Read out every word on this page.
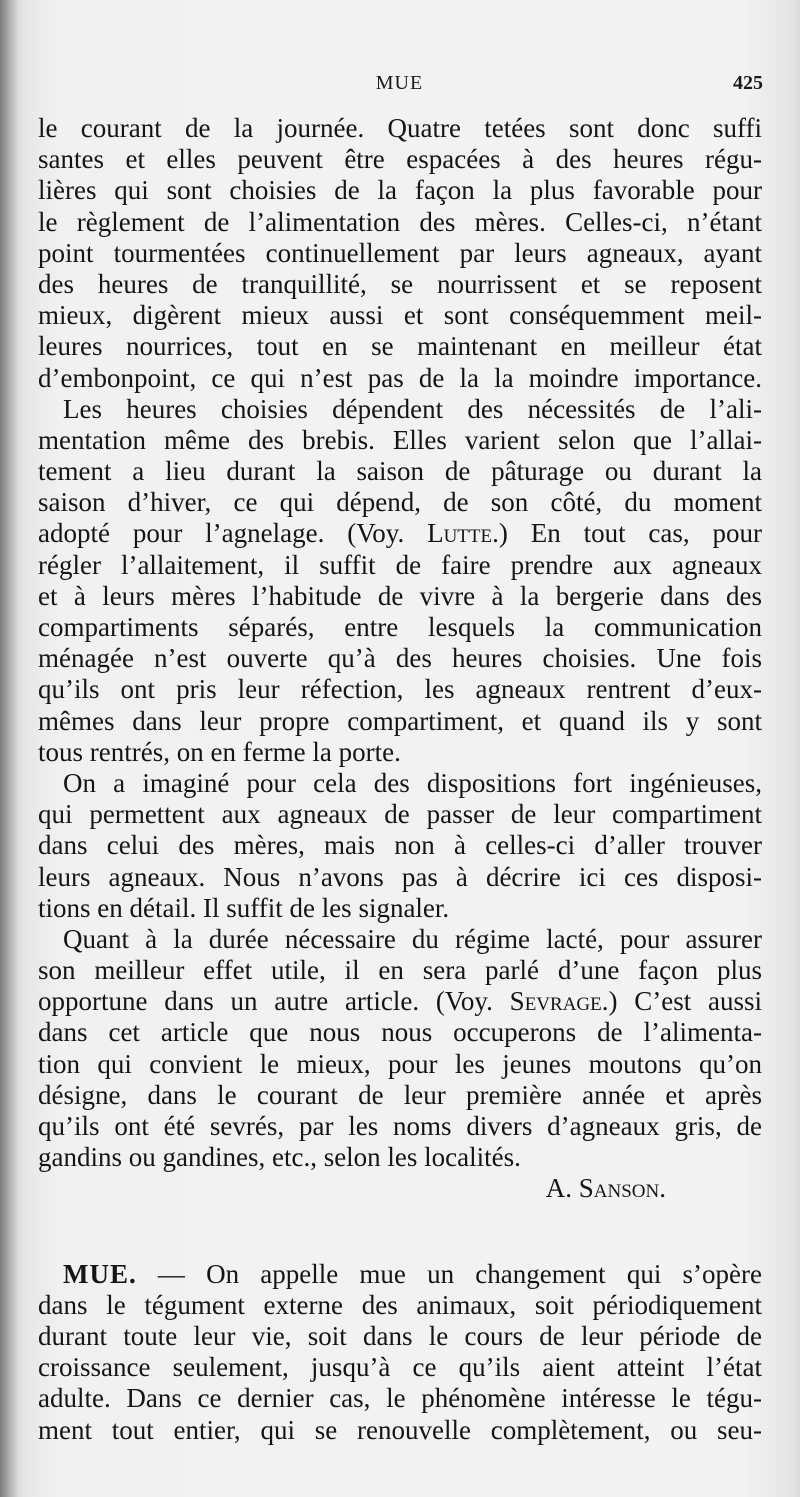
MUE	425
le courant de la journée. Quatre tetées sont donc suffi
santes et elles peuvent être espacées à des heures régu-
lières qui sont choisies de la façon la plus favorable pour
le règlement de l’alimentation des mères. Celles-ci, n’étant
point tourmentées continuellement par leurs agneaux, ayant
des heures de tranquillité, se nourrissent et se reposent
mieux, digèrent mieux aussi et sont conséquemment meil-
leures nourrices, tout en se maintenant en meilleur état
d’embonpoint, ce qui n’est pas de la la moindre importance.
Les heures choisies dépendent des nécessités de l’ali-
mentation même des brebis. Elles varient selon que l’allai-
tement a lieu durant la saison de pâturage ou durant la
saison d’hiver, ce qui dépend, de son côté, du moment
adopté pour l’agnelage. (Voy. Lutte.) En tout cas, pour
régler l’allaitement, il suffit de faire prendre aux agneaux
et à leurs mères l’habitude de vivre à la bergerie dans des
compartiments séparés, entre lesquels la communication
ménagée n’est ouverte qu’à des heures choisies. Une fois
qu’ils ont pris leur réfection, les agneaux rentrent d’eux-
mêmes dans leur propre compartiment, et quand ils y sont
tous rentrés, on en ferme la porte.
On a imaginé pour cela des dispositions fort ingénieuses,
qui permettent aux agneaux de passer de leur compartiment
dans celui des mères, mais non à celles-ci d’aller trouver
leurs agneaux. Nous n’avons pas à décrire ici ces disposi-
tions en détail. Il suffit de les signaler.
Quant à la durée nécessaire du régime lacté, pour assurer
son meilleur effet utile, il en sera parlé d’une façon plus
opportune dans un autre article. (Voy. Sevrage.) C’est aussi
dans cet article que nous nous occuperons de l’alimenta-
tion qui convient le mieux, pour les jeunes moutons qu’on
désigne, dans le courant de leur première année et après
qu’ils ont été sevrés, par les noms divers d’agneaux gris, de
gandins ou gandines, etc., selon les localités.
A. Sanson.
MUE. — On appelle mue un changement qui s’opère
dans le tégument externe des animaux, soit périodiquement
durant toute leur vie, soit dans le cours de leur période de
croissance seulement, jusqu’à ce qu’ils aient atteint l’état
adulte. Dans ce dernier cas, le phénomène intéresse le tégu-
ment tout entier, qui se renouvelle complètement, ou seu-
